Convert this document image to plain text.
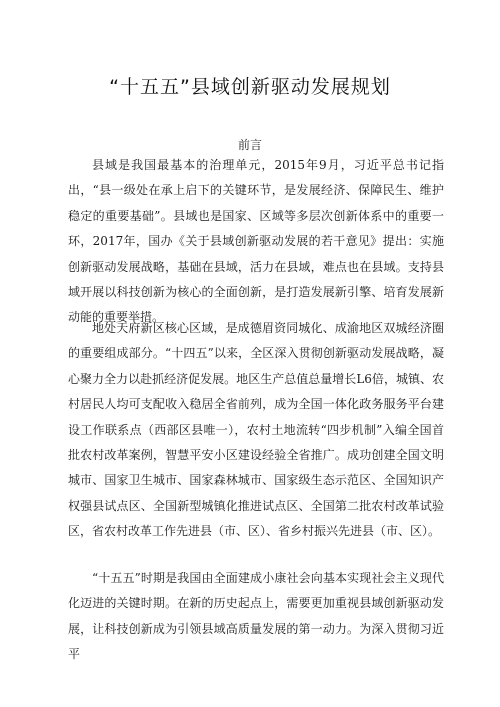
“十五五”县域创新驱动发展规划
前言

县域是我国最基本的治理单元，2015年9月，习近平总书记指出，“县一级处在承上启下的关键环节，是发展经济、保障民生、维护稳定的重要基础”。县域也是国家、区域等多层次创新体系中的重要一环，2017年，国办《关于县域创新驱动发展的若干意见》提出：实施创新驱动发展战略，基础在县域，活力在县域，难点也在县域。支持县域开展以科技创新为核心的全面创新，是打造发展新引擎、培育发展新动能的重要举措。

地处天府新区核心区域，是成德眉资同城化、成渝地区双城经济圈的重要组成部分。“十四五”以来，全区深入贯彻创新驱动发展战略，凝心聚力全力以赴抓经济促发展。地区生产总值总量增长L6倍，城镇、农村居民人均可支配收入稳居全省前列，成为全国一体化政务服务平台建设工作联系点（西部区县唯一），农村土地流转“四步机制”入编全国首批农村改革案例，智慧平安小区建设经验全省推广。成功创建全国文明城市、国家卫生城市、国家森林城市、国家级生态示范区、全国知识产权强县试点区、全国新型城镇化推进试点区、全国第二批农村改革试验区，省农村改革工作先进县（市、区）、省乡村振兴先进县（市、区）。

“十五五”时期是我国由全面建成小康社会向基本实现社会主义现代化迈进的关键时期。在新的历史起点上，需要更加重视县域创新驱动发展，让科技创新成为引领县域高质量发展的第一动力。为深入贯彻习近平
